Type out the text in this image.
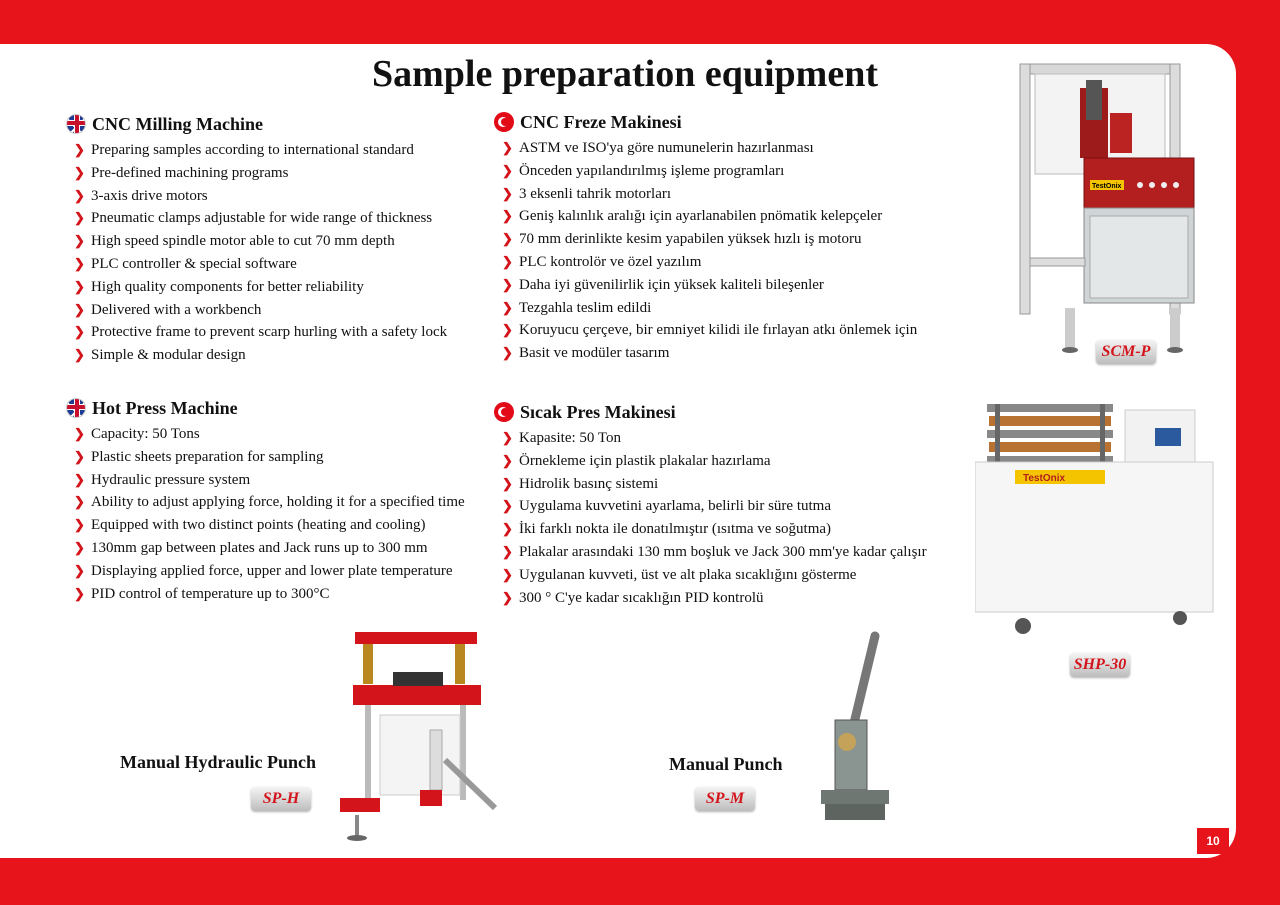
Sample preparation equipment
CNC Milling Machine
❯ Preparing samples according to international standard
❯ Pre-defined machining programs
❯ 3-axis drive motors
❯ Pneumatic clamps adjustable for wide range of thickness
❯ High speed spindle motor able to cut 70 mm depth
❯ PLC controller & special software
❯ High quality components for better reliability
❯ Delivered with a workbench
❯ Protective frame to prevent scarp hurling with a safety lock
❯ Simple & modular design
CNC Freze Makinesi
❯ ASTM ve ISO'ya göre numunelerin hazırlanması
❯ Önceden yapılandırılmış işleme programları
❯ 3 eksenli tahrik motorları
❯ Geniş kalınlık aralığı için ayarlanabilen pnömatik kelepçeler
❯ 70 mm derinlikte kesim yapabilen yüksek hızlı iş motoru
❯ PLC kontrolör ve özel yazılım
❯ Daha iyi güvenilirlik için yüksek kaliteli bileşenler
❯ Tezgahla teslim edildi
❯ Koruyucu çerçeve, bir emniyet kilidi ile fırlayan atkı önlemek için
❯ Basit ve modüler tasarım
Hot Press Machine
❯ Capacity: 50 Tons
❯ Plastic sheets preparation for sampling
❯ Hydraulic pressure system
❯ Ability to adjust applying force, holding it for a specified time
❯ Equipped with two distinct points (heating and cooling)
❯ 130mm gap between plates and Jack runs up to 300 mm
❯ Displaying applied force, upper and lower plate temperature
❯ PID control of temperature up to 300°C
Sıcak Pres Makinesi
❯ Kapasite: 50 Ton
❯ Örnekleme için plastik plakalar hazırlama
❯ Hidrolik basınç sistemi
❯ Uygulama kuvvetini ayarlama, belirli bir süre tutma
❯ İki farklı nokta ile donatılmıştır (ısıtma ve soğutma)
❯ Plakalar arasındaki 130 mm boşluk ve Jack 300 mm'ye kadar çalışır
❯ Uygulanan kuvveti, üst ve alt plaka sıcaklığını gösterme
❯ 300 ° C'ye kadar sıcaklığın PID kontrolü
TestOnix
SCM-P
TestOnix
SHP-30
Manual Hydraulic Punch
SP-H
Manual Punch
SP-M
10
